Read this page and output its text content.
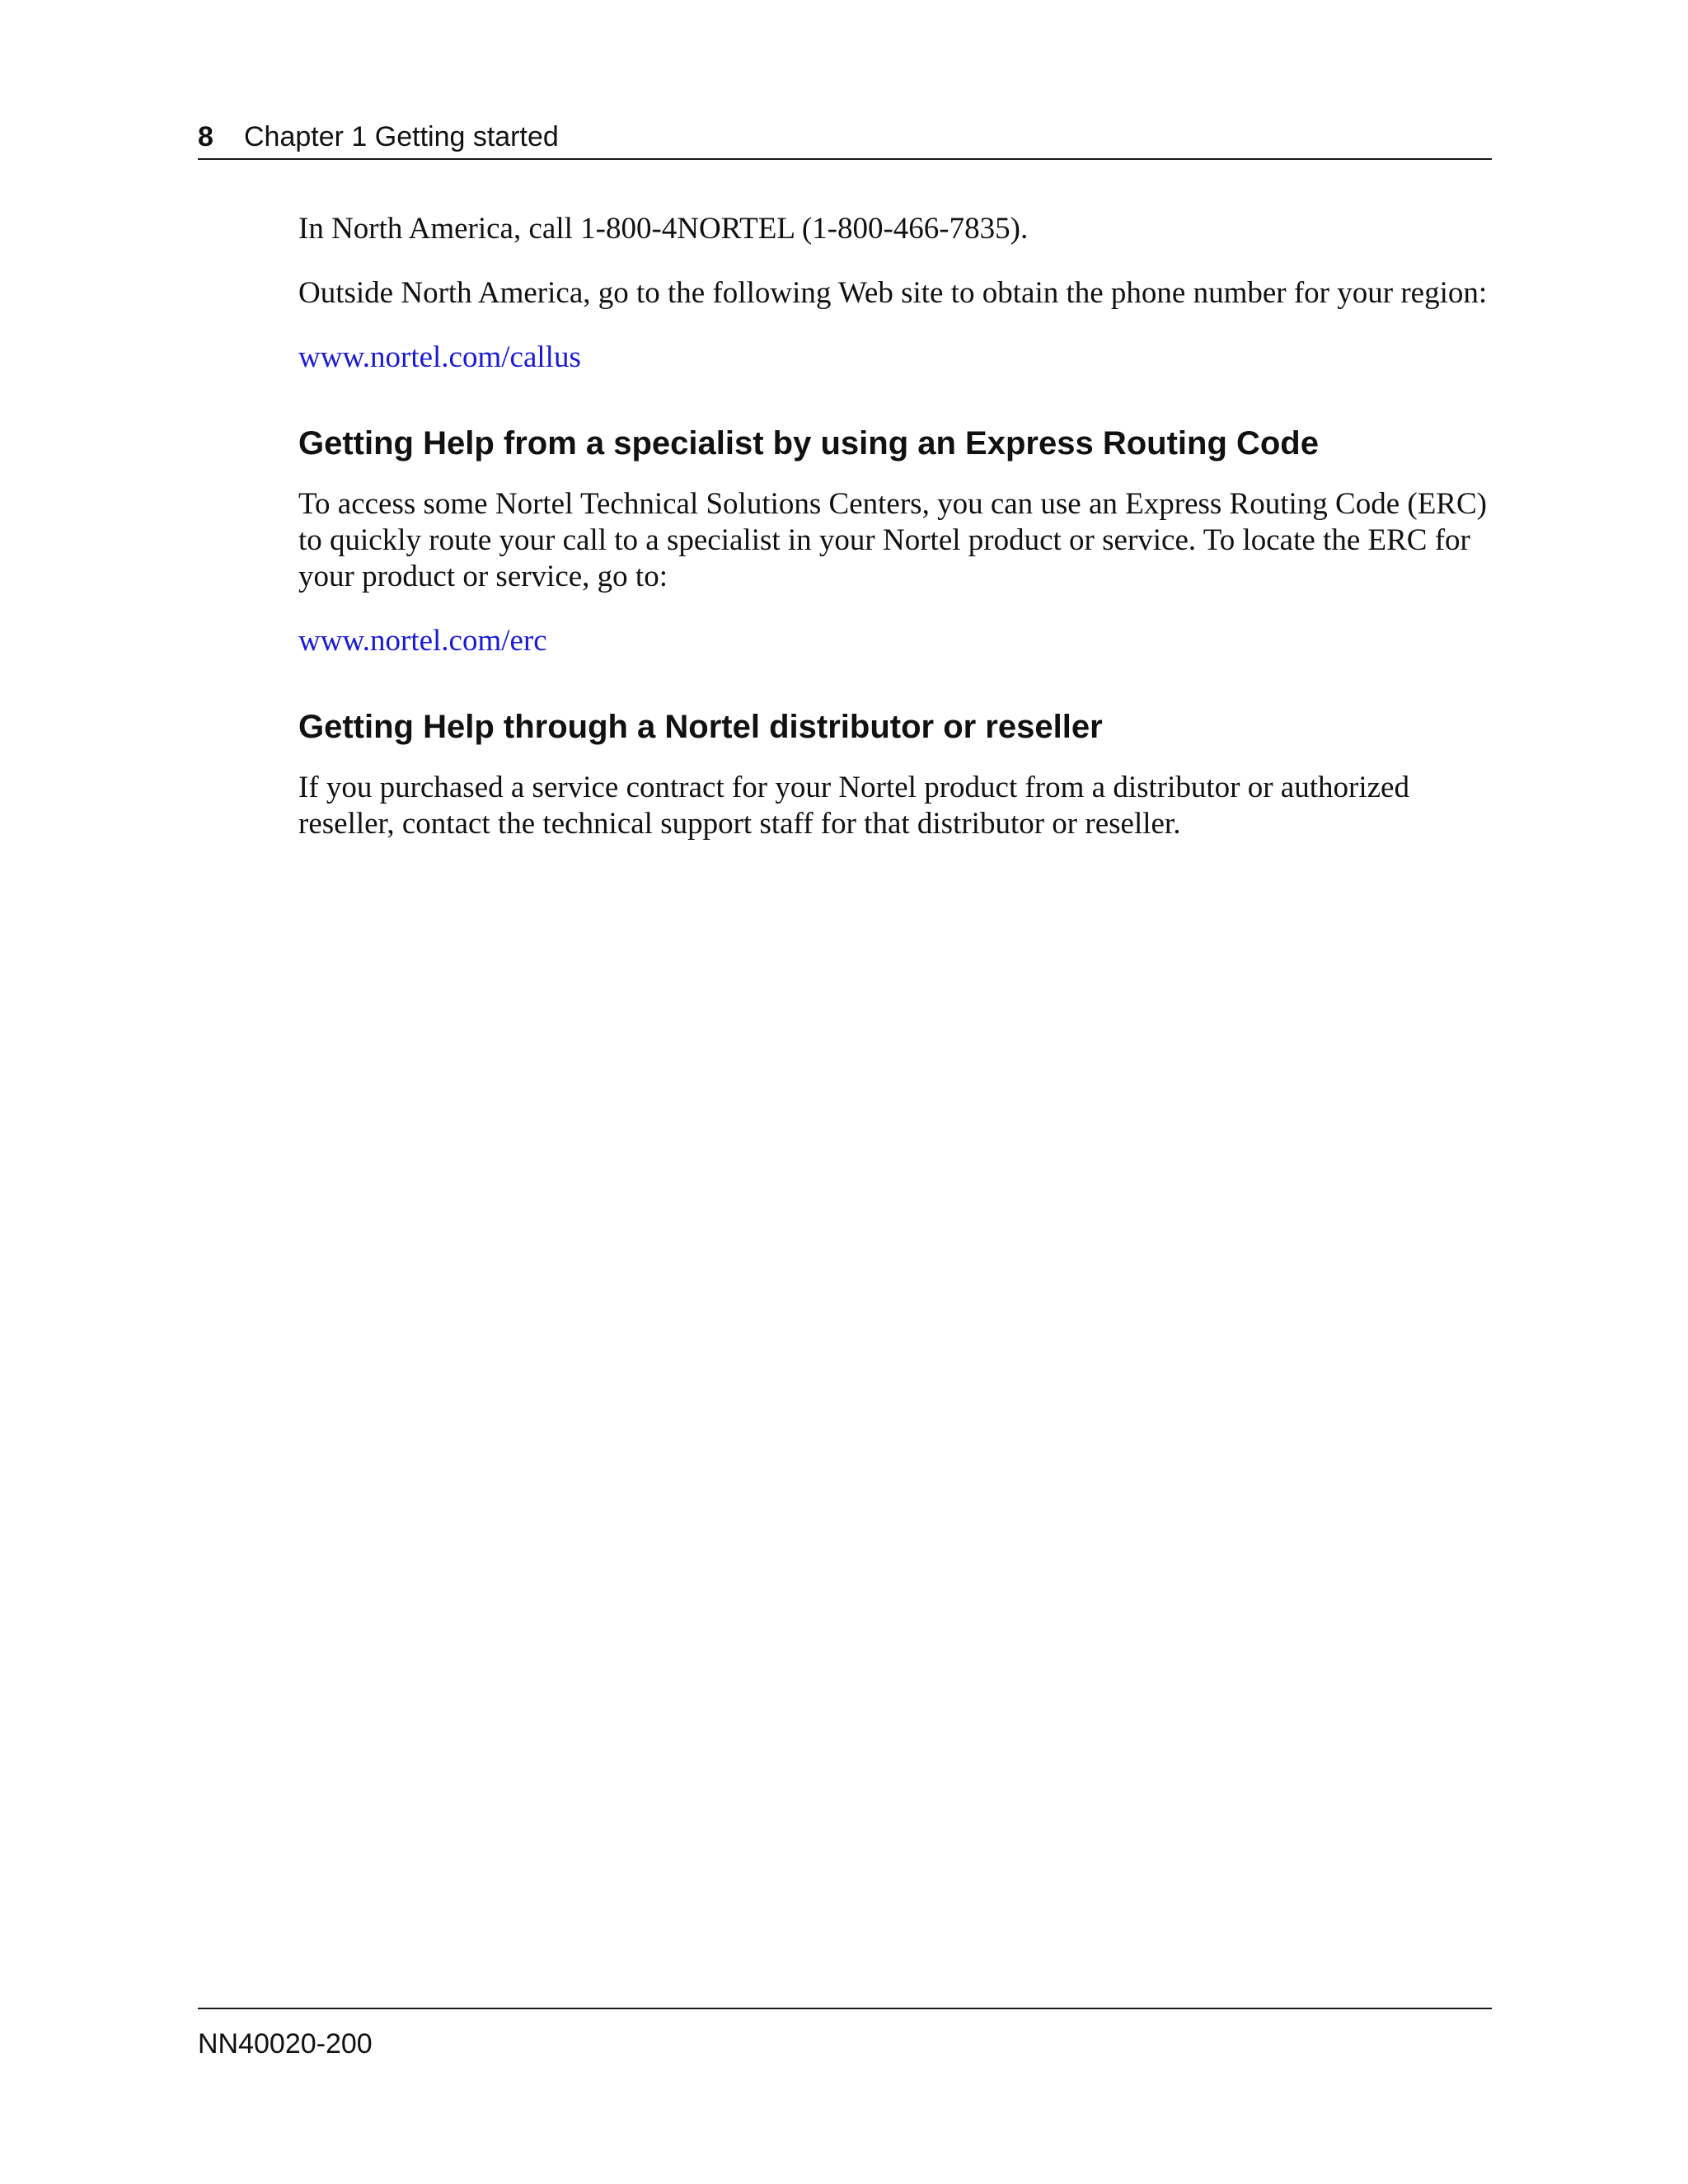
8 Chapter 1 Getting started

In North America, call 1-800-4NORTEL (1-800-466-7835).

Outside North America, go to the following Web site to obtain the phone number for your region:

www.nortel.com/callus

Getting Help from a specialist by using an Express Routing Code

To access some Nortel Technical Solutions Centers, you can use an Express Routing Code (ERC) to quickly route your call to a specialist in your Nortel product or service. To locate the ERC for your product or service, go to:

www.nortel.com/erc

Getting Help through a Nortel distributor or reseller

If you purchased a service contract for your Nortel product from a distributor or authorized reseller, contact the technical support staff for that distributor or reseller.

NN40020-200
